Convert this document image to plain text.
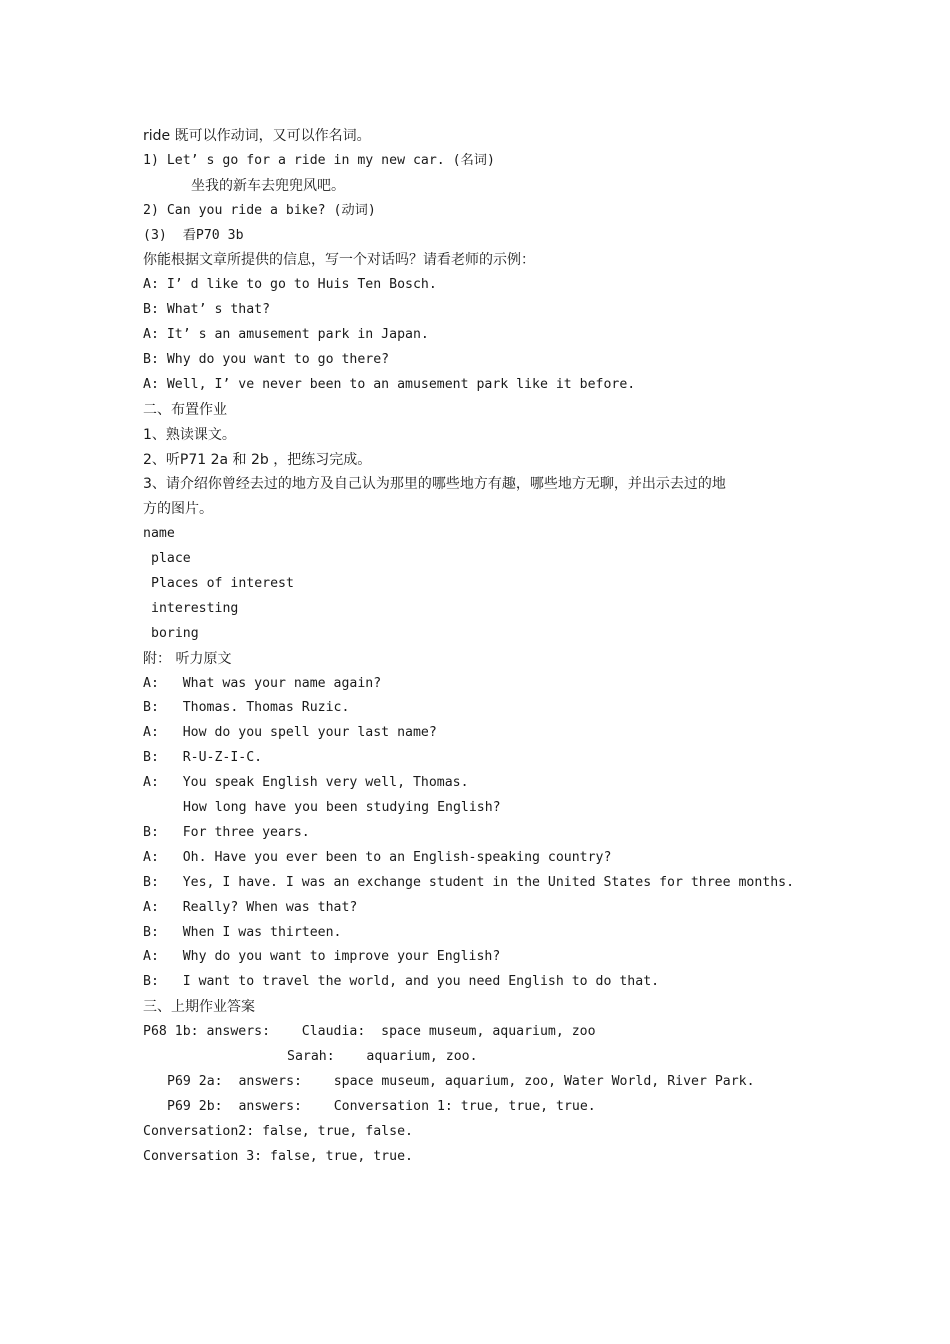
ride 既可以作动词，又可以作名词。
1) Let’ s go for a ride in my new car. (名词)
坐我的新车去兜兜风吧。
2) Can you ride a bike? (动词)
(3)  看P70 3b
你能根据文章所提供的信息，写一个对话吗？请看老师的示例：
A: I’ d like to go to Huis Ten Bosch.
B: What’ s that?
A: It’ s an amusement park in Japan.
B: Why do you want to go there?
A: Well, I’ ve never been to an amusement park like it before.
二、布置作业
1、熟读课文。
2、听P71 2a 和 2b ，把练习完成。
3、请介绍你曾经去过的地方及自己认为那里的哪些地方有趣，哪些地方无聊，并出示去过的地
方的图片。
name
place
Places of interest
interesting
boring
附： 听力原文
A:   What was your name again?
B:   Thomas. Thomas Ruzic.
A:   How do you spell your last name?
B:   R-U-Z-I-C.
A:   You speak English very well, Thomas.
How long have you been studying English?
B:   For three years.
A:   Oh. Have you ever been to an English-speaking country?
B:   Yes, I have. I was an exchange student in the United States for three months.
A:   Really? When was that?
B:   When I was thirteen.
A:   Why do you want to improve your English?
B:   I want to travel the world, and you need English to do that.
三、上期作业答案
P68 1b: answers:    Claudia:  space museum, aquarium, zoo
Sarah:    aquarium, zoo.
P69 2a:  answers:    space museum, aquarium, zoo, Water World, River Park.
P69 2b:  answers:    Conversation 1: true, true, true.
Conversation2: false, true, false.
Conversation 3: false, true, true.
